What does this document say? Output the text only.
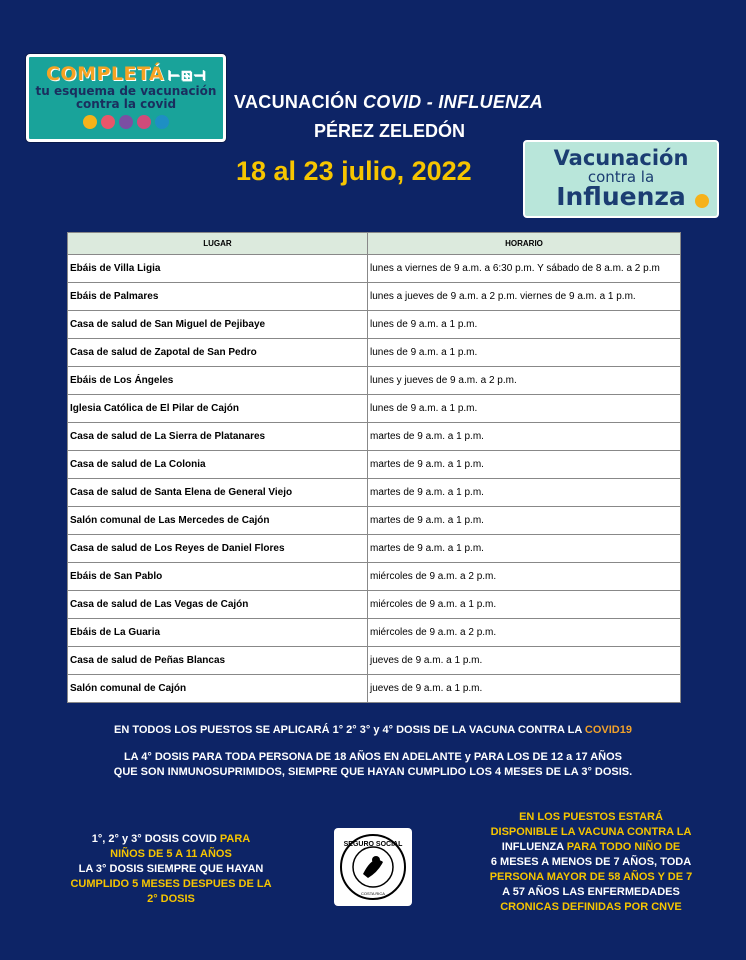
COMPLETÁ ⊢⊞⊣
tu esquema de vacunación
contra la covid	VACUNACIÓN COVID - INFLUENZA
PÉREZ ZELEDÓN
18 al 23 julio, 2022	Vacunación
contra la
Influenza
LUGAR	HORARIO
Ebáis de Villa Ligia	lunes a viernes de 9 a.m. a 6:30 p.m. Y sábado de 8 a.m. a 2 p.m
Ebáis de Palmares	lunes a jueves de 9 a.m. a 2 p.m. viernes de 9 a.m. a 1 p.m.
Casa de salud de San Miguel de Pejibaye	lunes de 9 a.m. a 1 p.m.
Casa de salud de Zapotal de San Pedro	lunes de 9 a.m. a 1 p.m.
Ebáis de Los Ángeles	lunes y jueves de 9 a.m. a 2 p.m.
Iglesia Católica de El Pilar de Cajón	lunes de 9 a.m. a 1 p.m.
Casa de salud de La Sierra de Platanares	martes de 9 a.m. a 1 p.m.
Casa de salud de La Colonia	martes de 9 a.m. a 1 p.m.
Casa de salud de Santa Elena de General Viejo	martes de 9 a.m. a 1 p.m.
Salón comunal de Las Mercedes de Cajón	martes de 9 a.m. a 1 p.m.
Casa de salud de Los Reyes de Daniel Flores	martes de 9 a.m. a 1 p.m.
Ebáis de San Pablo	miércoles de 9 a.m. a 2 p.m.
Casa de salud de Las Vegas de Cajón	miércoles de 9 a.m. a 1 p.m.
Ebáis de La Guaria	miércoles de 9 a.m. a 2 p.m.
Casa de salud de Peñas Blancas	jueves de 9 a.m. a 1 p.m.
Salón comunal de Cajón	jueves de 9 a.m. a 1 p.m.
EN TODOS LOS PUESTOS SE APLICARÁ 1° 2° 3° y 4° DOSIS DE LA VACUNA CONTRA LA COVID19
LA 4° DOSIS PARA TODA PERSONA DE 18 AÑOS EN ADELANTE y PARA LOS DE 12 a 17 AÑOS
QUE SON INMUNOSUPRIMIDOS, SIEMPRE QUE HAYAN CUMPLIDO LOS 4 MESES DE LA 3° DOSIS.
1°, 2° y 3° DOSIS COVID PARA
NIÑOS DE 5 A 11 AÑOS
LA 3° DOSIS SIEMPRE QUE HAYAN
CUMPLIDO 5 MESES DESPUES DE LA
2° DOSIS
SEGURO SOCIAL
COSTA RICA
EN LOS PUESTOS ESTARÁ
DISPONIBLE LA VACUNA CONTRA LA
INFLUENZA PARA TODO NIÑO DE
6 MESES A MENOS DE 7 AÑOS, TODA
PERSONA MAYOR DE 58 AÑOS Y DE 7
A 57 AÑOS LAS ENFERMEDADES
CRONICAS DEFINIDAS POR CNVE
